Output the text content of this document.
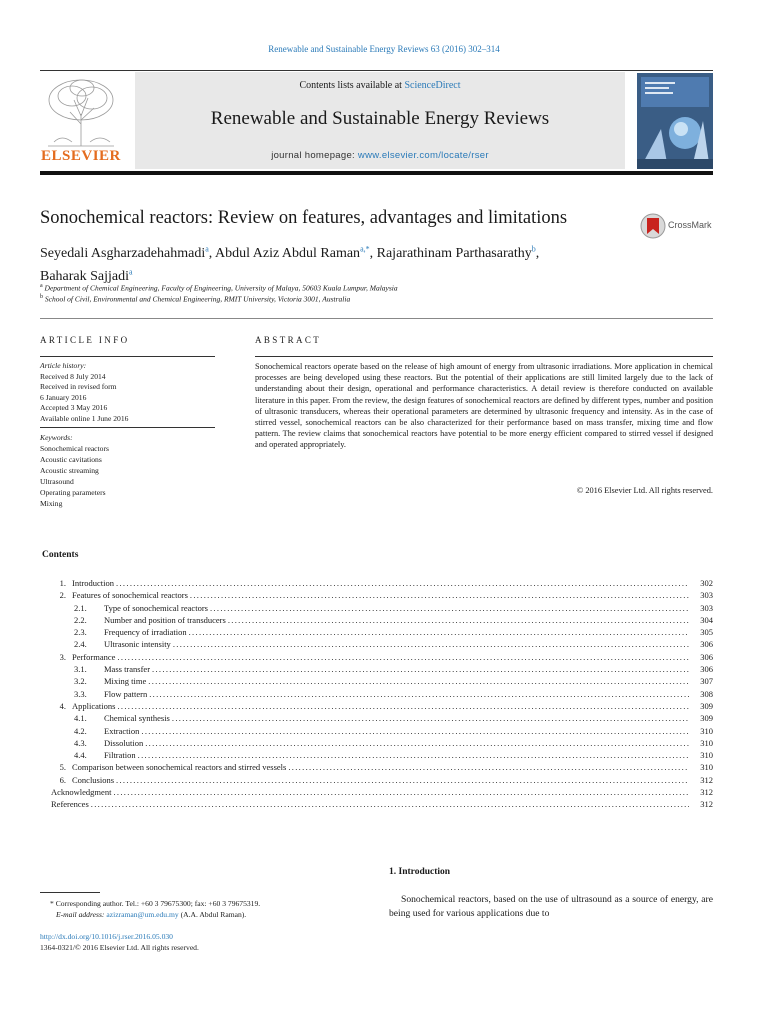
Renewable and Sustainable Energy Reviews 63 (2016) 302–314
ELSEVIER
Contents lists available at ScienceDirect
Renewable and Sustainable Energy Reviews
journal homepage: www.elsevier.com/locate/rser
Sonochemical reactors: Review on features, advantages and limitations	CrossMark
Seyedali Asgharzadehahmadi$^a$, Abdul Aziz Abdul Raman$^{a,*}$, Rajarathinam Parthasarathy$^b$,
Baharak Sajjadi$^a$
$^a$ Department of Chemical Engineering, Faculty of Engineering, University of Malaya, 50603 Kuala Lumpur, Malaysia
$^b$ School of Civil, Environmental and Chemical Engineering, RMIT University, Victoria 3001, Australia
ARTICLE INFO
Article history:
Received 8 July 2014
Received in revised form
6 January 2016
Accepted 3 May 2016
Available online 1 June 2016
Keywords:
Sonochemical reactors
Acoustic cavitations
Acoustic streaming
Ultrasound
Operating parameters
Mixing
ABSTRACT
Sonochemical reactors operate based on the release of high amount of energy from ultrasonic irradiations. More application in chemical processes are being developed using these reactors. But the potential of their applications are still limited largely due to the lack of understanding about their design, operational and performance characteristics. A detail review is therefore conducted on available literature in this paper. From the review, the design features of sonochemical reactors are defined by different types, number and position of ultrasonic transducers, whereas their operational parameters are determined by ultrasonic frequency and intensity. As in the case of stirred vessel, sonochemical reactors can be also characterized for their performance based on mass transfer, mixing time and flow pattern. The review claims that sonochemical reactors have potential to be more energy efficient compared to stirred vessel if designed and operated appropriately.
© 2016 Elsevier Ltd. All rights reserved.
Contents
1. Introduction . . .	302
2. Features of sonochemical reactors . . .	303
2.1.	Type of sonochemical reactors . . .	303
2.2.	Number and position of transducers . . .	304
2.3.	Frequency of irradiation . . .	305
2.4.	Ultrasonic intensity . . .	306
3. Performance . . .	306
3.1.	Mass transfer . . .	306
3.2.	Mixing time . . .	307
3.3.	Flow pattern . . .	308
4. Applications . . .	309
4.1.	Chemical synthesis . . .	309
4.2.	Extraction . . .	310
4.3.	Dissolution . . .	310
4.4.	Filtration . . .	310
5. Comparison between sonochemical reactors and stirred vessels . . .	310
6. Conclusions . . .	312
Acknowledgment . . .	312
References . . .	312
1. Introduction
Sonochemical reactors, based on the use of ultrasound as a source of energy, are being used for various applications due to
* Corresponding author. Tel.: +60 3 79675300; fax: +60 3 79675319.
E-mail address: azizraman@um.edu.my (A.A. Abdul Raman).
http://dx.doi.org/10.1016/j.rser.2016.05.030
1364-0321/© 2016 Elsevier Ltd. All rights reserved.
